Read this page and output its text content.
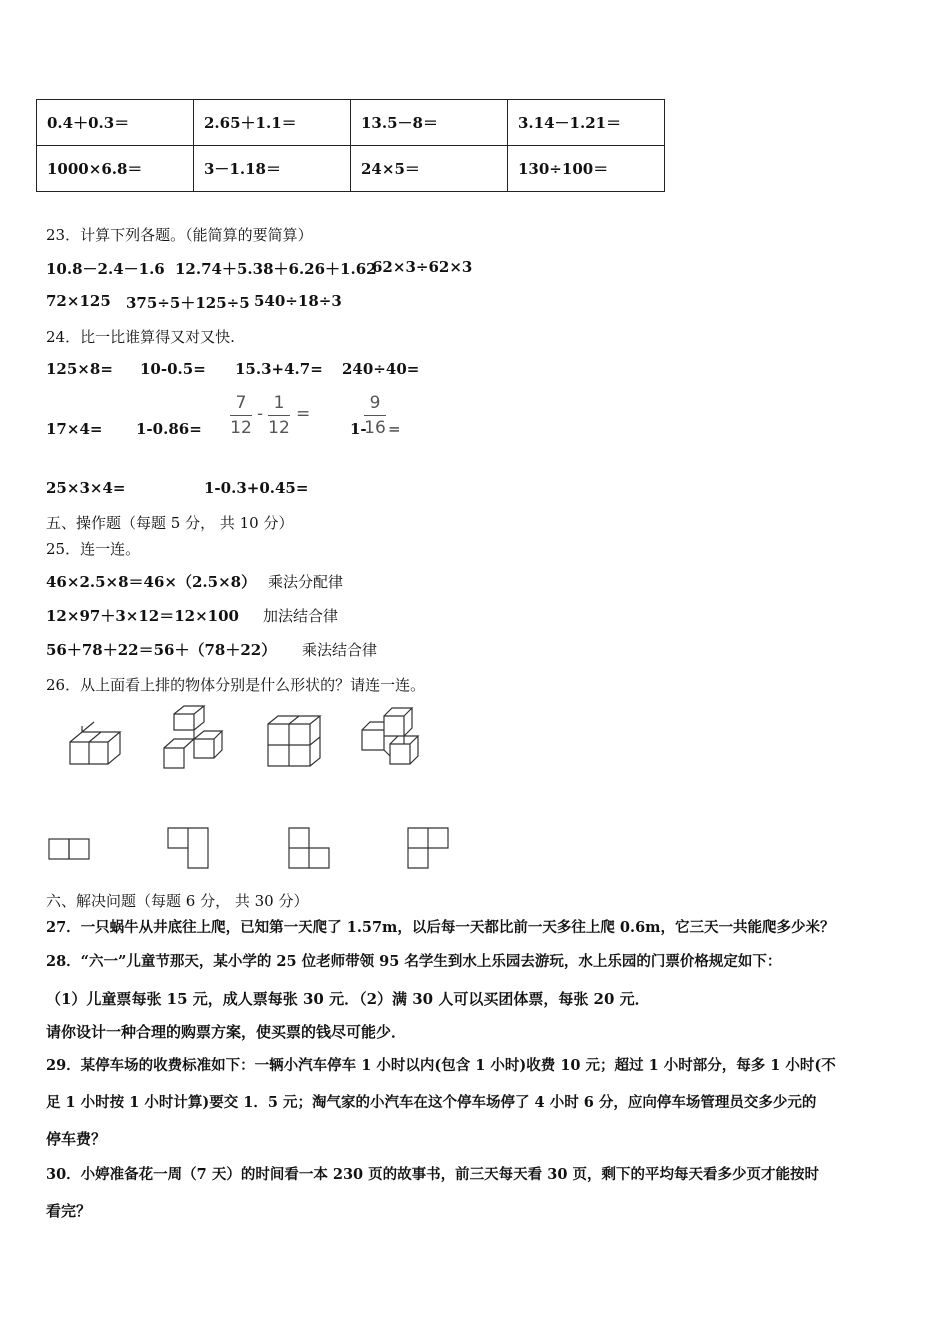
0.4＋0.3＝	2.65＋1.1＝	13.5－8＝	3.14－1.21＝
1000×6.8＝	3－1.18＝	24×5＝	130÷100＝
23．计算下列各题。（能简算的要简算）
10.8－2.4－1.6 12.74＋5.38＋6.26＋1.62
62×3÷62×3
72×125 375÷5＋125÷5 540÷18÷3
24．比一比谁算得又对又快.
125×8= 10-0.5= 15.3+4.7= 240÷40=
17×4= 1-0.86=
7
12
-
1
12
=
1-
9
16 =
25×3×4=	1-0.3+0.45=
五、操作题（每题 5 分， 共 10 分）
25．连一连。
46×2.5×8＝46×（2.5×8） 乘法分配律
12×97＋3×12＝12×100 加法结合律
56＋78＋22＝56＋（78＋22） 乘法结合律
26．从上面看上排的物体分别是什么形状的？请连一连。
六、解决问题（每题 6 分， 共 30 分）
27．一只蜗牛从井底往上爬，已知第一天爬了 1.57m，以后每一天都比前一天多往上爬 0.6m，它三天一共能爬多少米？
28．“六一”儿童节那天，某小学的 25 位老师带领 95 名学生到水上乐园去游玩，水上乐园的门票价格规定如下：
（1）儿童票每张 15 元，成人票每张 30 元．（2）满 30 人可以买团体票，每张 20 元．
请你设计一种合理的购票方案，使买票的钱尽可能少．
29．某停车场的收费标准如下：一辆小汽车停车 1 小时以内(包含 1 小时)收费 10 元；超过 1 小时部分，每多 1 小时(不
足 1 小时按 1 小时计算)要交 1．5 元；淘气家的小汽车在这个停车场停了 4 小时 6 分，应向停车场管理员交多少元的
停车费？
30．小婷准备花一周（7 天）的时间看一本 230 页的故事书，前三天每天看 30 页，剩下的平均每天看多少页才能按时
看完？
